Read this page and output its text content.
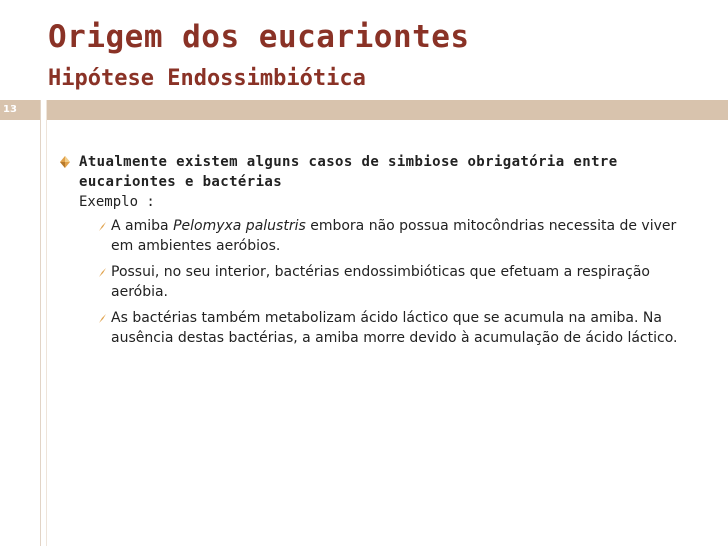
Origem dos eucariontes
Hipótese Endossimbiótica
13
Atualmente existem alguns casos de simbiose obrigatória entre eucariontes e bactérias
Exemplo :
A amiba Pelomyxa palustris embora não possua mitocôndrias necessita de viver em ambientes aeróbios.
Possui, no seu interior, bactérias endossimbióticas que efetuam a respiração aeróbia.
As bactérias também metabolizam ácido láctico que se acumula na amiba. Na ausência destas bactérias, a amiba morre devido à acumulação de ácido láctico.
